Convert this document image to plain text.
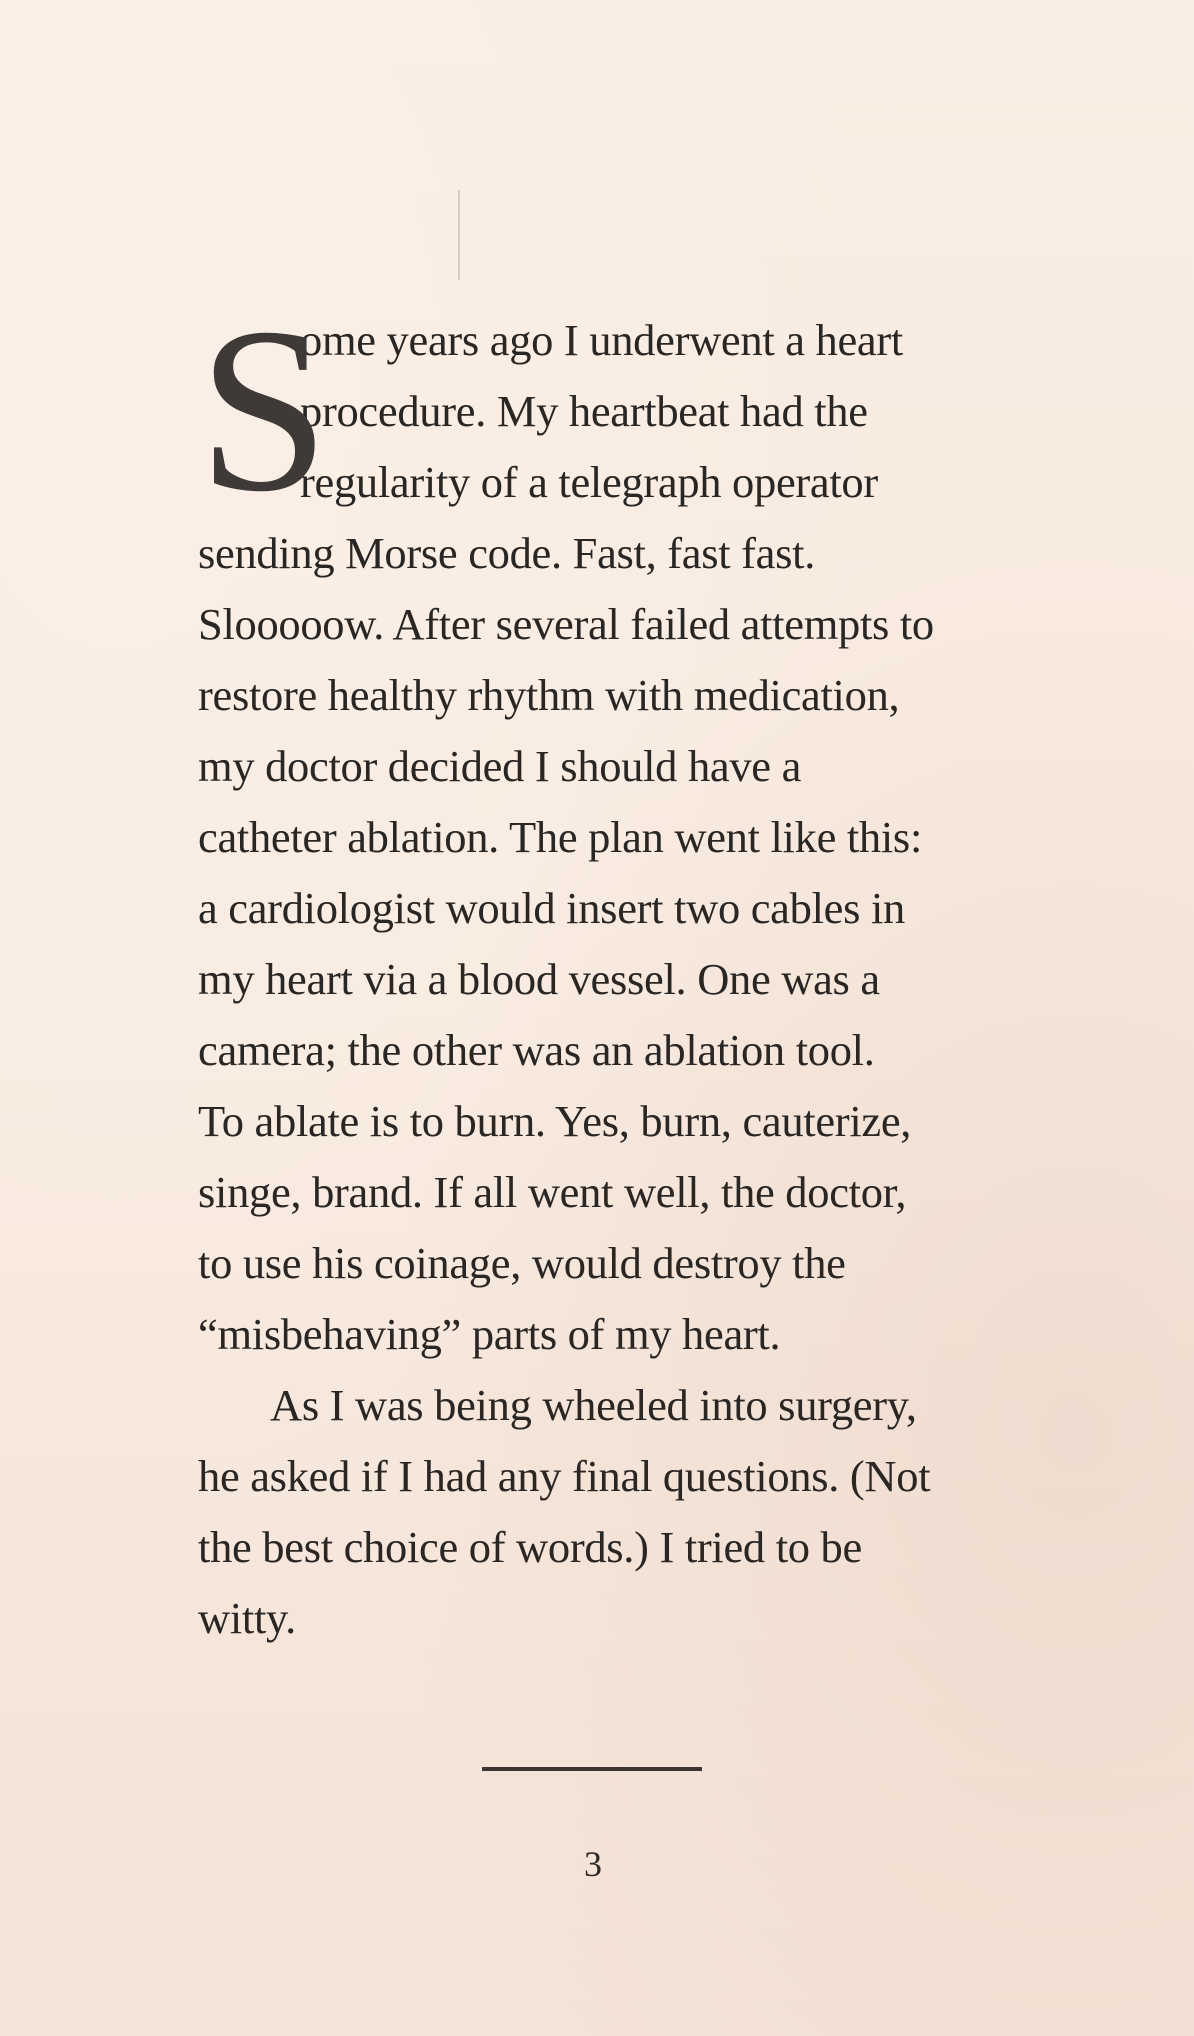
S
ome years ago I underwent a heart
procedure. My heartbeat had the
regularity of a telegraph operator
sending Morse code. Fast, fast fast.
Slooooow. After several failed attempts to
restore healthy rhythm with medication,
my doctor decided I should have a
catheter ablation. The plan went like this:
a cardiologist would insert two cables in
my heart via a blood vessel. One was a
camera; the other was an ablation tool.
To ablate is to burn. Yes, burn, cauterize,
singe, brand. If all went well, the doctor,
to use his coinage, would destroy the
“misbehaving” parts of my heart.
As I was being wheeled into surgery,
he asked if I had any final questions. (Not
the best choice of words.) I tried to be
witty.
3
